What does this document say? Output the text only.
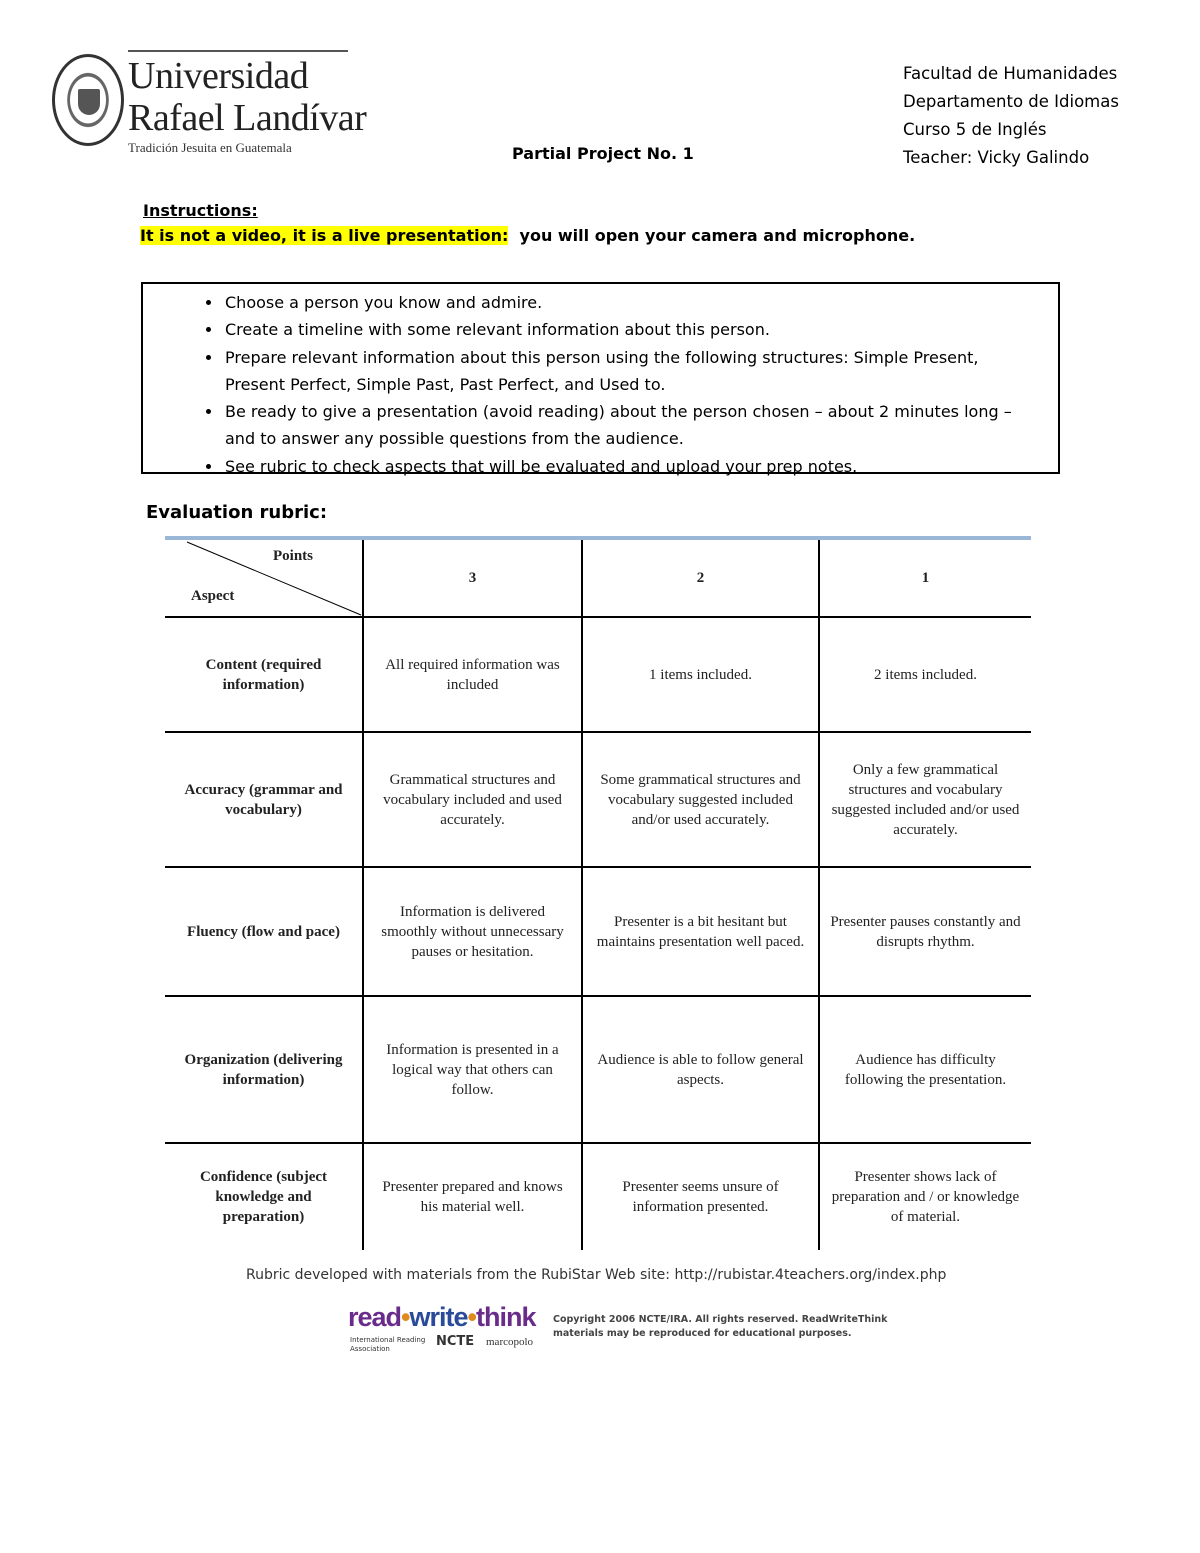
Universidad
Rafael Landívar
Tradición Jesuita en Guatemala
Facultad de Humanidades
Departamento de Idiomas
Curso 5 de Inglés
Teacher: Vicky Galindo
Partial Project No. 1
Instructions:
It is not a video, it is a live presentation:  you will open your camera and microphone.
• Choose a person you know and admire.
• Create a timeline with some relevant information about this person.
• Prepare relevant information about this person using the following structures: Simple Present, Present Perfect, Simple Past, Past Perfect, and Used to.
• Be ready to give a presentation (avoid reading) about the person chosen – about 2 minutes long – and to answer any possible questions from the audience.
• See rubric to check aspects that will be evaluated and upload your prep notes.
Evaluation rubric:
Points
Aspect	3	2	1
Content (required information)	All required information was included	1 items included.	2 items included.
Accuracy (grammar and vocabulary)	Grammatical structures and vocabulary included and used accurately.	Some grammatical structures and vocabulary suggested included and/or used accurately.	Only a few grammatical structures and vocabulary suggested included and/or used accurately.
Fluency (flow and pace)	Information is delivered smoothly without unnecessary pauses or hesitation.	Presenter is a bit hesitant but maintains presentation well paced.	Presenter pauses constantly and disrupts rhythm.
Organization (delivering information)	Information is presented in a logical way that others can follow.	Audience is able to follow general aspects.	Audience has difficulty following the presentation.
Confidence (subject knowledge and preparation)	Presenter prepared and knows his material well.	Presenter seems unsure of information presented.	Presenter shows lack of preparation and / or knowledge of material.
Rubric developed with materials from the RubiStar Web site: http://rubistar.4teachers.org/index.php
read•write•think
International Reading Association	NCTE marcopolo
Copyright 2006 NCTE/IRA. All rights reserved. ReadWriteThink
materials may be reproduced for educational purposes.
